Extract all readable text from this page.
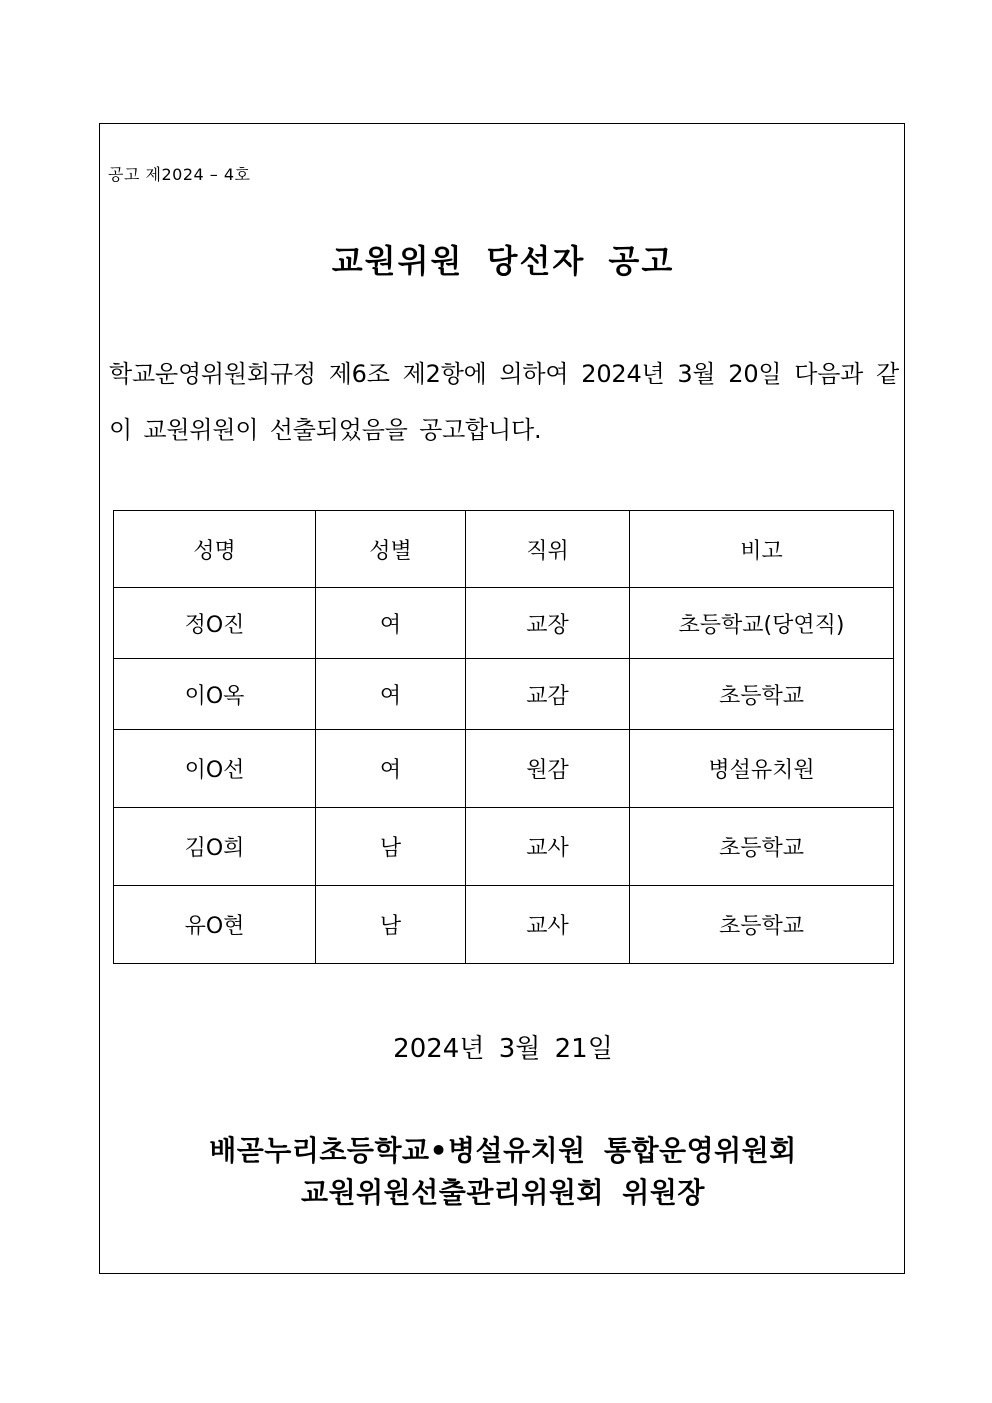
공고 제2024 – 4호
교원위원 당선자 공고
학교운영위원회규정 제6조 제2항에 의하여 2024년 3월 20일 다음과 같이 교원위원이 선출되었음을 공고합니다.
성명	성별	직위	비고
정O진	여	교장	초등학교(당연직)
이O옥	여	교감	초등학교
이O선	여	원감	병설유치원
김O희	남	교사	초등학교
유O현	남	교사	초등학교
2024년 3월 21일
배곧누리초등학교•병설유치원 통합운영위원회
교원위원선출관리위원회 위원장
